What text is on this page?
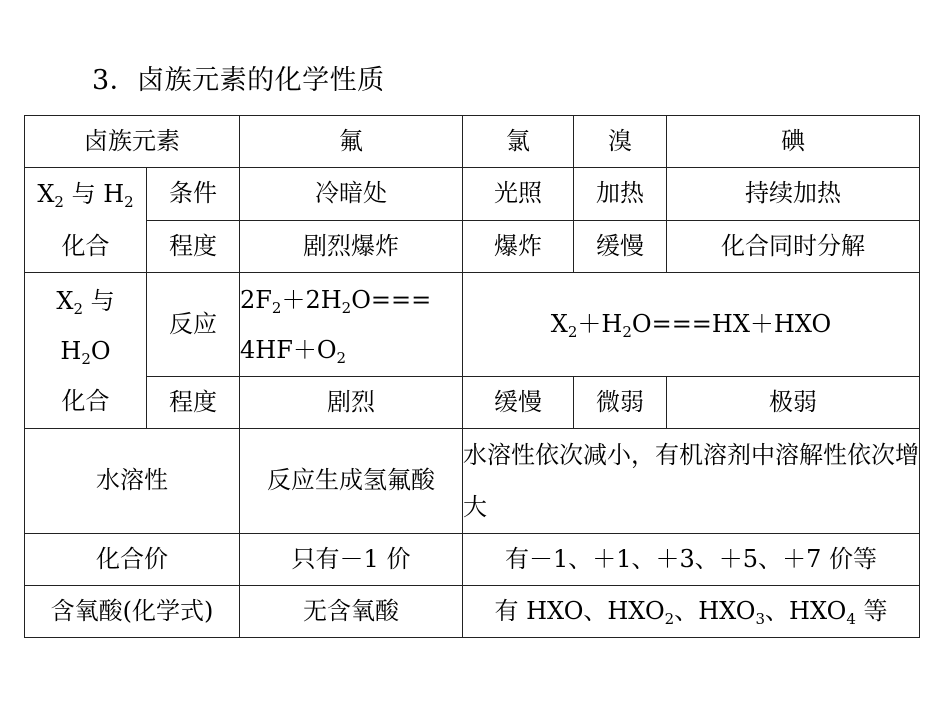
3．卤族元素的化学性质
卤族元素		氟	氯	溴	碘
$X_2$ 与 $H_2$
化合	条件	冷暗处	光照	加热	持续加热
	程度	剧烈爆炸	爆炸	缓慢	化合同时分解
$X_2$ 与
$H_2O$
化合	反应	$2F_2+2H_2O===$
$4HF+O_2$	$X_2+H_2O===HX+HXO$		
	程度	剧烈	缓慢	微弱	极弱
水溶性		反应生成氢氟酸	水溶性依次减小，有机溶剂中溶解性依次增大		
化合价		只有－1 价	有－1、＋1、＋3、＋5、＋7 价等		
含氧酸(化学式)		无含氧酸	有 HXO、$HXO_2$、$HXO_3$、$HXO_4$ 等		
